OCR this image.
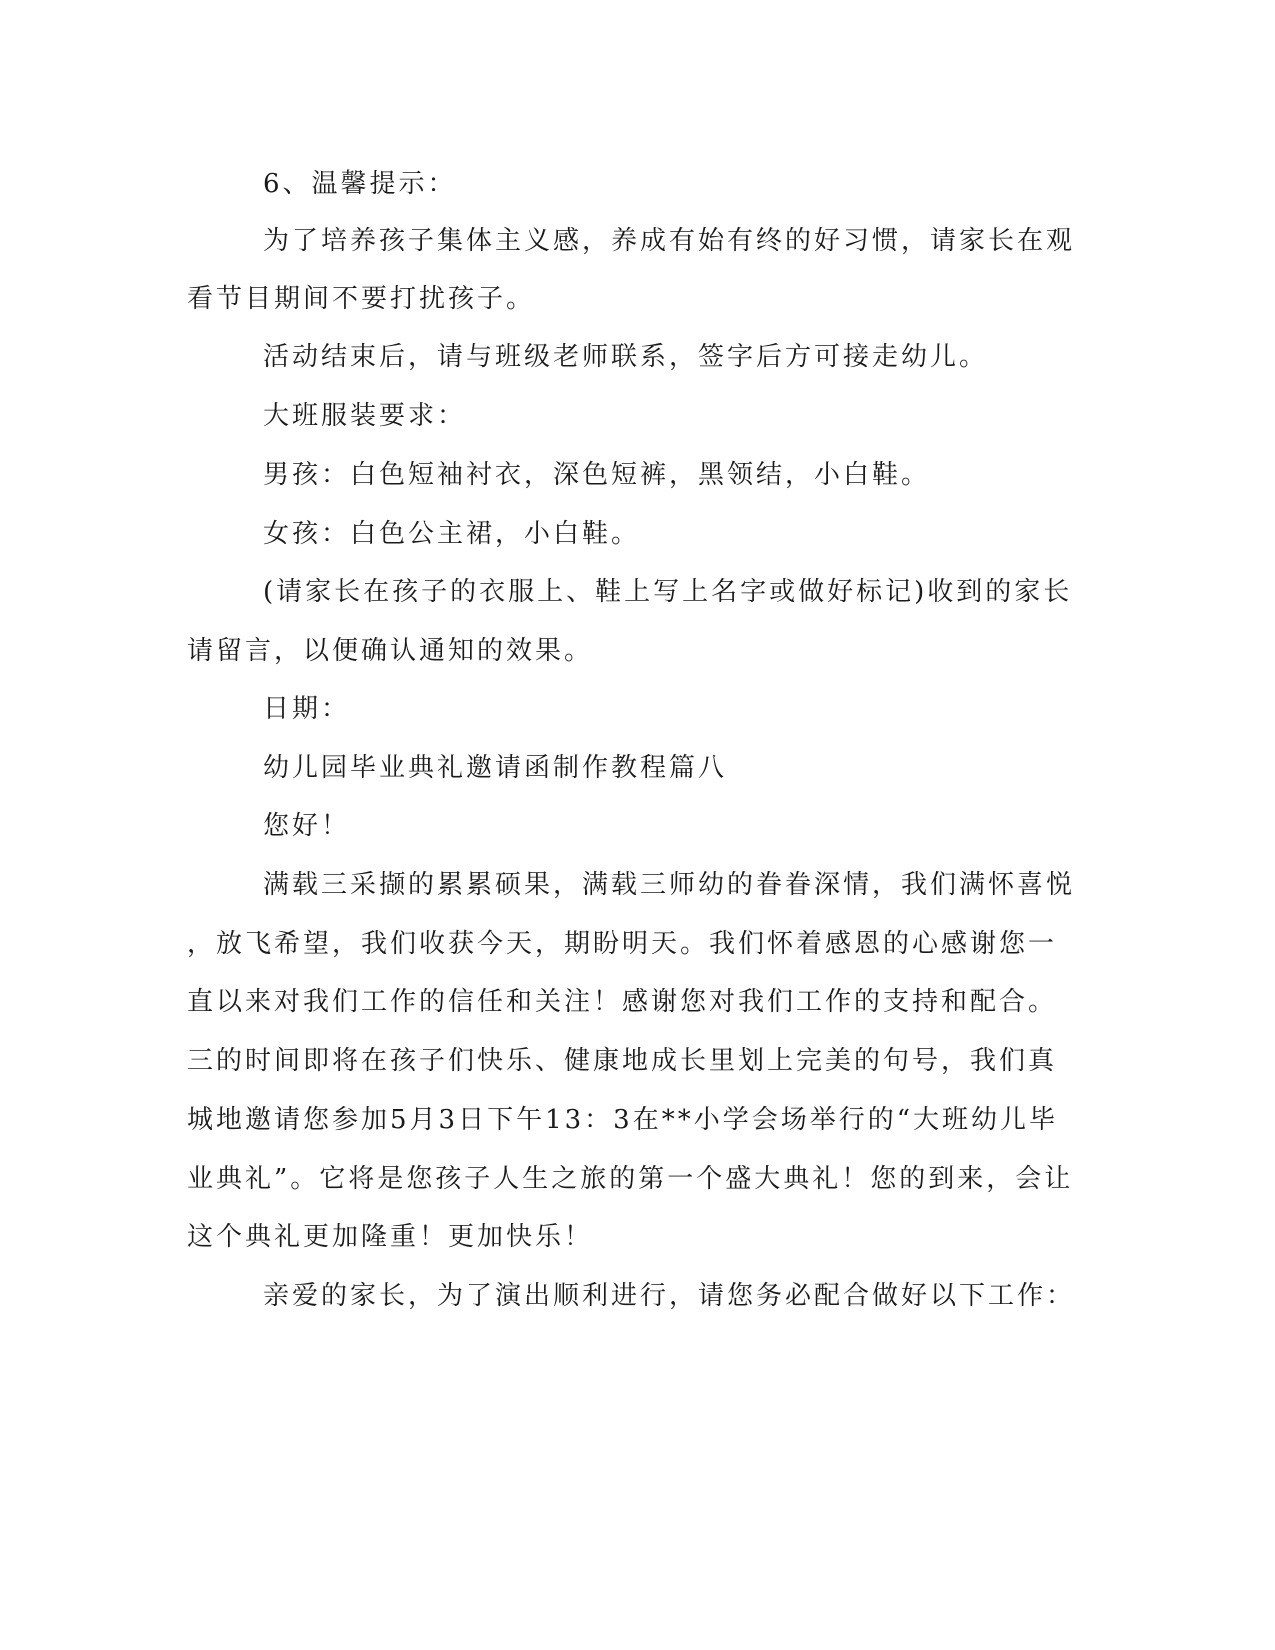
6、温馨提示：
为了培养孩子集体主义感，养成有始有终的好习惯，请家长在观
看节目期间不要打扰孩子。
活动结束后，请与班级老师联系，签字后方可接走幼儿。
大班服装要求：
男孩：白色短袖衬衣，深色短裤，黑领结，小白鞋。
女孩：白色公主裙，小白鞋。
(请家长在孩子的衣服上、鞋上写上名字或做好标记)收到的家长
请留言，以便确认通知的效果。
日期：
幼儿园毕业典礼邀请函制作教程篇八
您好！
满载三采撷的累累硕果，满载三师幼的眷眷深情，我们满怀喜悦
，放飞希望，我们收获今天，期盼明天。我们怀着感恩的心感谢您一
直以来对我们工作的信任和关注！感谢您对我们工作的支持和配合。
三的时间即将在孩子们快乐、健康地成长里划上完美的句号，我们真
城地邀请您参加5月3日下午13：3在**小学会场举行的“大班幼儿毕
业典礼”。它将是您孩子人生之旅的第一个盛大典礼！您的到来，会让
这个典礼更加隆重！更加快乐！
亲爱的家长，为了演出顺利进行，请您务必配合做好以下工作：
